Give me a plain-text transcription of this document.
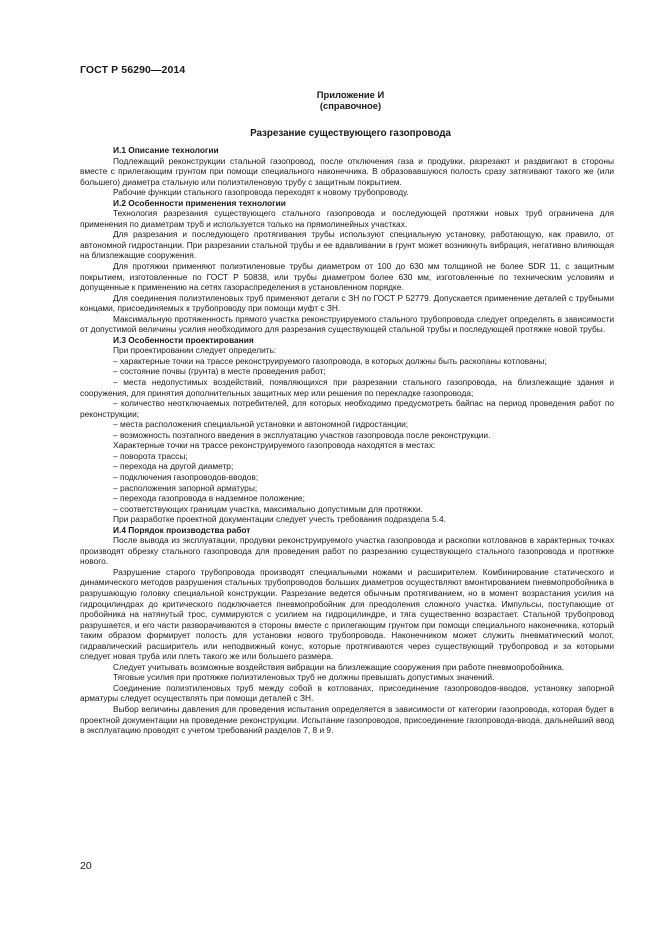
ГОСТ Р 56290—2014
Приложение И
(справочное)
Разрезание существующего газопровода
И.1 Описание технологии

Подлежащий реконструкции стальной газопровод, после отключения газа и продувки, разрезают и раздвигают в стороны вместе с прилегающим грунтом при помощи специального наконечника. В образовавшуюся полость сразу затягивают такого же (или большего) диаметра стальную или полиэтиленовую трубу с защитным покрытием.

Рабочие функции стального газопровода переходят к новому трубопроводу.

И.2 Особенности применения технологии

Технология разрезания существующего стального газопровода и последующей протяжки новых труб ограничена для применения по диаметрам труб и используется только на прямолинейных участках.

Для разрезания и последующего протягивания трубы используют специальную установку, работающую, как правило, от автономной гидростанции. При разрезании стальной трубы и ее вдавливании в грунт может возникнуть вибрация, негативно влияющая на близлежащие сооружения.

Для протяжки применяют полиэтиленовые трубы диаметром от 100 до 630 мм толщиной не более SDR 11, с защитным покрытием, изготовленные по ГОСТ Р 50838, или трубы диаметром более 630 мм, изготовленные по техническим условиям и допущенные к применению на сетях газораспределения в установленном порядке.

Для соединения полиэтиленовых труб применяют детали с ЗН по ГОСТ Р 52779. Допускается применение деталей с трубными концами, присоединяемых к трубопроводу при помощи муфт с ЗН.

Максимальную протяженность прямого участка реконструируемого стального трубопровода следует определять в зависимости от допустимой величины усилия необходимого для разрезания существующей стальной трубы и последующей протяжке новой трубы.

И.3 Особенности проектирования

При проектировании следует определить:

– характерные точки на трассе реконструируемого газопровода, в которых должны быть раскопаны котлованы;

– состояние почвы (грунта) в месте проведения работ;

– места недопустимых воздействий, появляющихся при разрезании стального газопровода, на близлежащие здания и сооружения, для принятия дополнительных защитных мер или решения по перекладке газопровода;

– количество неотключаемых потребителей, для которых необходимо предусмотреть байпас на период проведения работ по реконструкции;

– места расположения специальной установки и автономной гидростанции;

– возможность поэтапного введения в эксплуатацию участков газопровода после реконструкции.

Характерные точки на трассе реконструируемого газопровода находятся в местах:

– поворота трассы;

– перехода на другой диаметр;

– подключения газопроводов-вводов;

– расположения запорной арматуры;

– перехода газопровода в надземное положение;

– соответствующих границам участка, максимально допустимым для протяжки.

При разработке проектной документации следует учесть требования подраздела 5.4.

И.4 Порядок производства работ

После вывода из эксплуатации, продувки реконструируемого участка газопровода и раскопки котлованов в характерных точках производят обрезку стального газопровода для проведения работ по разрезанию существующего стального газопровода и протяжке нового.

Разрушение старого трубопровода производят специальными ножами и расширителем. Комбинирование статического и динамического методов разрушения стальных трубопроводов больших диаметров осуществляют вмонтированием пневмопробойника в разрушающую головку специальной конструкции. Разрезание ведется обычным протягиванием, но в момент возрастания усилия на гидроцилиндрах до критического подключается пневмопробойник для преодоления сложного участка. Импульсы, поступающие от пробойника на натянутый трос, суммируются с усилием на гидроцилиндре, и тяга существенно возрастает. Стальной трубопровод разрушается, и его части разворачиваются в стороны вместе с прилегающим грунтом при помощи специального наконечника, который таким образом формирует полость для установки нового трубопровода. Наконечником может служить пневматический молот, гидравлический расширитель или неподвижный конус, которые протягиваются через существующий трубопровод и за которыми следует новая труба или плеть такого же или большего размера.

Следует учитывать возможные воздействия вибрации на близлежащие сооружения при работе пневмопробойника.

Тяговые усилия при протяжке полиэтиленовых труб не должны превышать допустимых значений.

Соединение полиэтиленовых труб между собой в котлованах, присоединение газопроводов-вводов, установку запорной арматуры следует осуществлять при помощи деталей с ЗН.

Выбор величины давления для проведения испытания определяется в зависимости от категории газопровода, которая будет в проектной документации на проведение реконструкции. Испытание газопроводов, присоединение газопровода-ввода, дальнейший ввод в эксплуатацию проводят с учетом требований разделов 7, 8 и 9.

20
